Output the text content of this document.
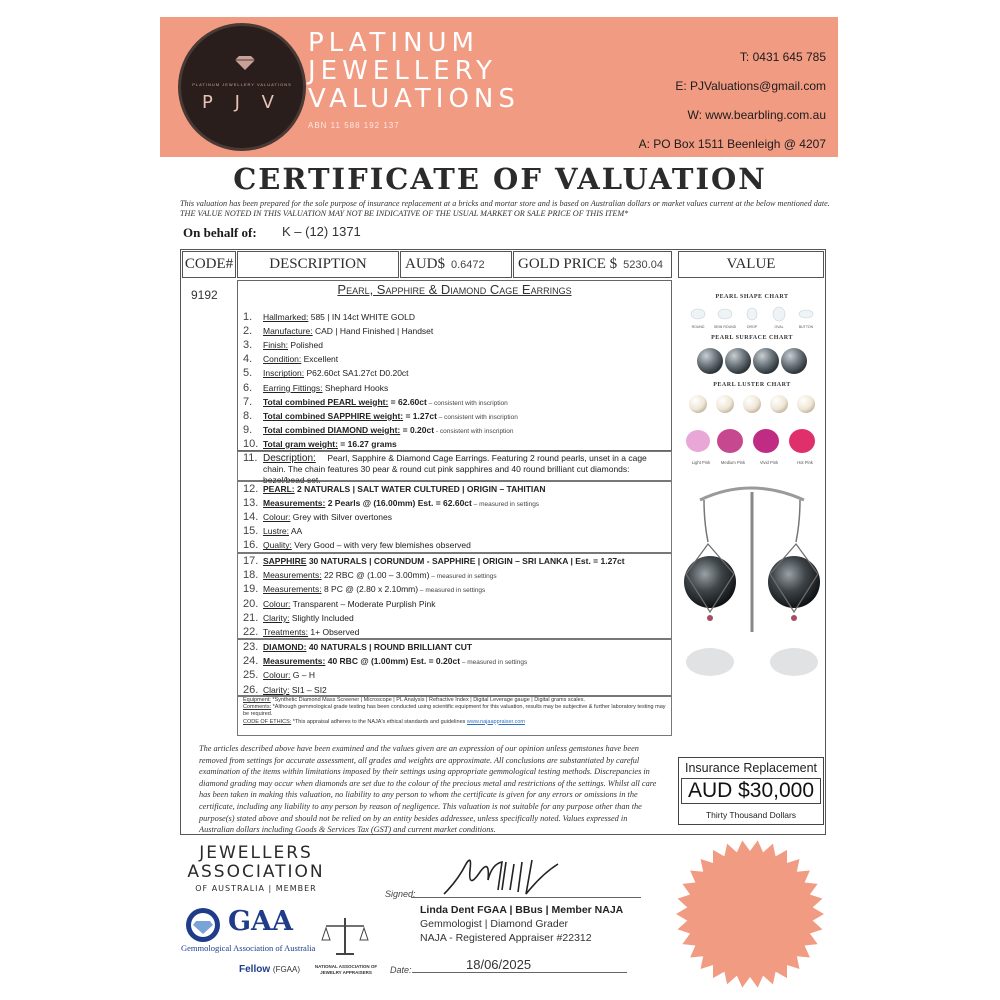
PLATINUM JEWELLERY VALUATIONS
P J V
PLATINUM
JEWELLERY
VALUATIONS
ABN 11 588 192 137
T: 0431 645 785
E: PJValuations@gmail.com
W: www.bearbling.com.au
A: PO Box 1511 Beenleigh @ 4207
CERTIFICATE OF VALUATION
This valuation has been prepared for the sole purpose of insurance replacement at a bricks and mortar store and is based on Australian dollars or market values current at the below mentioned date.
THE VALUE NOTED IN THIS VALUATION MAY NOT BE INDICATIVE OF THE USUAL MARKET OR SALE PRICE OF THIS ITEM*
On behalf of: K – (12) 1371
CODE#	DESCRIPTION	AUD$ 0.6472	GOLD PRICE $ 5230.04	VALUE
9192	Pearl, Sapphire & Diamond Cage Earrings
1. Hallmarked: 585 | IN 14ct WHITE GOLD
2. Manufacture: CAD | Hand Finished | Handset
3. Finish: Polished
4. Condition: Excellent
5. Inscription: P62.60ct SA1.27ct D0.20ct
6. Earring Fittings: Shephard Hooks
7. Total combined PEARL weight: = 62.60ct – consistent with inscription
8. Total combined SAPPHIRE weight: = 1.27ct – consistent with inscription
9. Total combined DIAMOND weight: = 0.20ct - consistent with inscription
10. Total gram weight: = 16.27 grams
11. Description:	Pearl, Sapphire & Diamond Cage Earrings. Featuring 2 round pearls, unset in a cage chain. The chain features 30 pear & round cut pink sapphires and 40 round brilliant cut diamonds: bezel/bead set.
12. PEARL: 2 NATURALS | SALT WATER CULTURED | ORIGIN – TAHITIAN
13. Measurements: 2 Pearls @ (16.00mm) Est. = 62.60ct – measured in settings
14. Colour: Grey with Silver overtones
15. Lustre: AA
16. Quality: Very Good – with very few blemishes observed
17. SAPPHIRE 30 NATURALS | CORUNDUM - SAPPHIRE | ORIGIN – SRI LANKA | Est. = 1.27ct
18. Measurements: 22 RBC @ (1.00 – 3.00mm) – measured in settings
19. Measurements: 8 PC @ (2.80 x 2.10mm) – measured in settings
20. Colour: Transparent – Moderate Purplish Pink
21. Clarity: Slightly Included
22. Treatments: 1+ Observed
23. DIAMOND: 40 NATURALS | ROUND BRILLIANT CUT
24. Measurements: 40 RBC @ (1.00mm) Est. = 0.20ct – measured in settings
25. Colour: G – H
26. Clarity: SI1 – SI2
Equipment: *Synthetic Diamond Mass Screener | Microscope | PL Analysis | Refractive Index | Digital Leverage gauge | Digital grams scales.
Comments: *Although gemmological grade testing has been conducted using scientific equipment for this valuation, results may be subjective & further laboratory testing may be required.
CODE OF ETHICS: *This appraisal adheres to the NAJA's ethical standards and guidelines www.najaappraiser.com
PEARL SHAPE CHART
ROUND	SEMI ROUND	DROP	OVAL	BUTTON
PEARL SURFACE CHART
PEARL LUSTER CHART
Light Pink	Medium Pink	Vivid Pink	Hot Pink
The articles described above have been examined and the values given are an expression of our opinion unless gemstones have been removed from settings for accurate assessment, all grades and weights are approximate. All conclusions are substantiated by careful examination of the items within limitations imposed by their settings using appropriate gemmological testing methods. Discrepancies in diamond grading may occur when diamonds are set due to the colour of the precious metal and restrictions of the settings. Whilst all care has been taken in making this valuation, no liability to any person to whom the certificate is given for any errors or omissions in the certificate, including any liability to any person by reason of negligence. This valuation is not suitable for any purpose other than the purpose(s) stated above and should not be relied on by an entity besides addressee, unless specifically noted. Values expressed in Australian dollars including Goods & Services Tax (GST) and current market conditions.
Insurance Replacement
AUD $30,000
Thirty Thousand Dollars
JEWELLERS
ASSOCIATION
OF AUSTRALIA | MEMBER
GAA
Gemmological Association of Australia
Fellow (FGAA)	NATIONAL ASSOCIATION OF JEWELRY APPRAISERS
Signed:
Linda Dent FGAA | BBus | Member NAJA
Gemmologist | Diamond Grader
NAJA - Registered Appraiser #22312
Date:	18/06/2025
